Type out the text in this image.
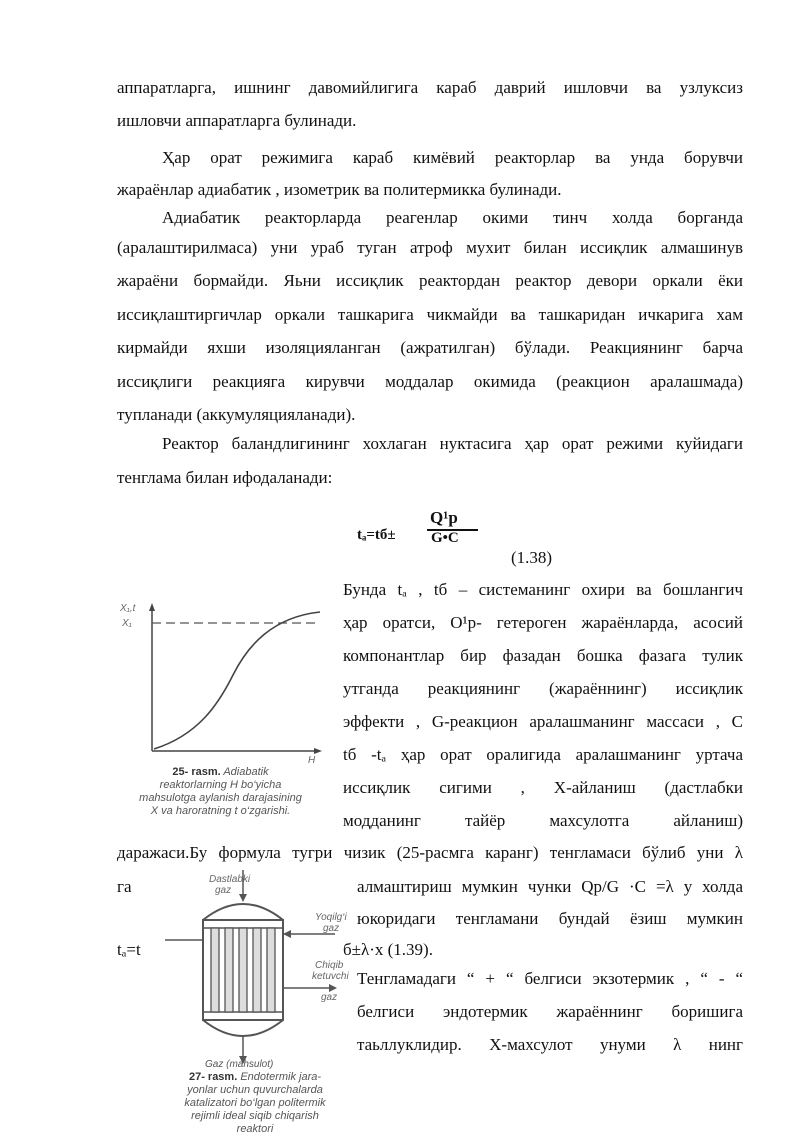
аппаратларга, ишнинг давомийлигига караб даврий ишловчи ва узлуксиз
ишловчи аппаратларга булинади.
Ҳар орат режимига караб кимёвий реакторлар ва унда борувчи
жараёнлар адиабатик , изометрик ва политермикка булинади.
Адиабатик реакторларда реагенлар окими тинч холда борганда
(аралаштирилмаса) уни ураб туган атроф мухит билан иссиқлик алмашинув
жараёни бормайди. Яьни иссиқлик реактордан реактор девори оркали ёки
иссиқлаштиргичлар оркали ташкарига чикмайди ва ташкаридан ичкарига хам
кирмайди яхши изоляцияланган (ажратилган) бўлади. Реакциянинг барча
иссиқлиги реакцияга кирувчи моддалар окимида (реакцион аралашмада)
тупланади (аккумуляцияланади).
Реактор баландлигининг хохлаган нуктасига ҳар орат режими куйидаги
тенглама билан ифодаланади:
tₐ=tб±
Q¹p
G•C
(1.38)
X₁,t
X₁
H
25- rasm. Adiabatik
reaktorlarning H bo‘yicha
mahsulotga aylanish darajasining
X va haroratning t o‘zgarishi.
Бунда tₐ , tб – системанинг охири ва бошлангич
ҳар оратси, О¹р- гетероген жараёнларда, асосий
компонантлар бир фазадан бошка фазага тулик
утганда реакциянинг (жараённинг) иссиқлик
эффекти , G-реакцион аралашманинг массаси , С
tб -tₐ ҳар орат оралигида аралашманинг уртача
иссиқлик сигими , Х-айланиш (дастлабки
модданинг тайёр махсулотга айланиш)
даражаси.Бу формула тугри чизик (25-расмга каранг) тенгламаси бўлиб уни λ
га
tₐ=t
Dastlabki
gaz
Yoqilg‘i
gaz
Chiqib
ketuvchi
gaz
Gaz (mahsulot)
27- rasm. Endotermik jara-
yonlar uchun quvurchalarda
katalizatori bo‘lgan politermik
rejimli ideal siqib chiqarish
reaktori
алмаштириш мумкин чунки Qp/G ·C =λ у холда
юкоридаги тенгламани бундай ёзиш мумкин
б±λ·x (1.39).
Тенгламадаги “ + “ белгиси экзотермик , “ - “
белгиси эндотермик жараённинг боришига
таьллуклидир. Х-махсулот унуми λ нинг
